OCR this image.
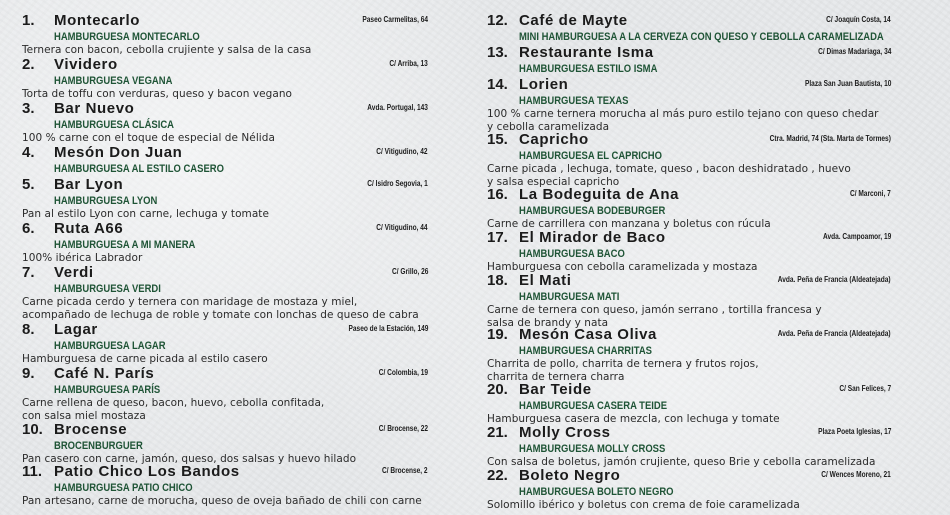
1. Montecarlo	Paseo Carmelitas, 64
HAMBURGUESA MONTECARLO
Ternera con bacon, cebolla crujiente y salsa de la casa
2. Vividero	C/ Arriba, 13
HAMBURGUESA VEGANA
Torta de toffu con verduras, queso y bacon vegano
3. Bar Nuevo	Avda. Portugal, 143
HAMBURGUESA CLÁSICA
100 % carne con el toque de especial de Nélida
4. Mesón Don Juan	C/ Vitigudino, 42
HAMBURGUESA AL ESTILO CASERO
5. Bar Lyon	C/ Isidro Segovia, 1
HAMBURGUESA LYON
Pan al estilo Lyon con carne, lechuga y tomate
6. Ruta A66	C/ Vitigudino, 44
HAMBURGUESA A MI MANERA
100% ibérica Labrador
7. Verdi	C/ Grillo, 26
HAMBURGUESA VERDI
Carne picada cerdo y ternera con maridage de mostaza y miel,
acompañado de lechuga de roble y tomate con lonchas de queso de cabra
8. Lagar	Paseo de la Estación, 149
HAMBURGUESA LAGAR
Hamburguesa de carne picada al estilo casero
9. Café N. París	C/ Colombia, 19
HAMBURGUESA PARÍS
Carne rellena de queso, bacon, huevo, cebolla confitada,
con salsa miel mostaza
10. Brocense	C/ Brocense, 22
BROCENBURGUER
Pan casero con carne, jamón, queso, dos salsas y huevo hilado
11. Patio Chico Los Bandos	C/ Brocense, 2
HAMBURGUESA PATIO CHICO
Pan artesano, carne de morucha, queso de oveja bañado de chili con carne
12. Café de Mayte	C/ Joaquín Costa, 14
MINI HAMBURGUESA A LA CERVEZA CON QUESO Y CEBOLLA CARAMELIZADA
13. Restaurante Isma	C/ Dimas Madariaga, 34
HAMBURGUESA ESTILO ISMA
14. Lorien	Plaza San Juan Bautista, 10
HAMBURGUESA TEXAS
100 % carne ternera morucha al más puro estilo tejano con queso chedar
y cebolla caramelizada
15. Capricho	Ctra. Madrid, 74 (Sta. Marta de Tormes)
HAMBURGUESA EL CAPRICHO
Carne picada , lechuga, tomate, queso , bacon deshidratado , huevo
y salsa especial capricho
16. La Bodeguita de Ana	C/ Marconi, 7
HAMBURGUESA BODEBURGER
Carne de carrillera con manzana y boletus con rúcula
17. El Mirador de Baco	Avda. Campoamor, 19
HAMBURGUESA BACO
Hamburguesa con cebolla caramelizada y mostaza
18. El Mati	Avda. Peña de Francia (Aldeatejada)
HAMBURGUESA MATI
Carne de ternera con queso, jamón serrano , tortilla francesa y
salsa de brandy y nata
19. Mesón Casa Oliva	Avda. Peña de Francia (Aldeatejada)
HAMBURGUESA CHARRITAS
Charrita de pollo, charrita de ternera y frutos rojos,
charrita de ternera charra
20. Bar Teide	C/ San Felices, 7
HAMBURGUESA CASERA TEIDE
Hamburguesa casera de mezcla, con lechuga y tomate
21. Molly Cross	Plaza Poeta Iglesias, 17
HAMBURGUESA MOLLY CROSS
Con salsa de boletus, jamón crujiente, queso Brie y cebolla caramelizada
22. Boleto Negro	C/ Wences Moreno, 21
HAMBURGUESA BOLETO NEGRO
Solomillo ibérico y boletus con crema de foie caramelizada
